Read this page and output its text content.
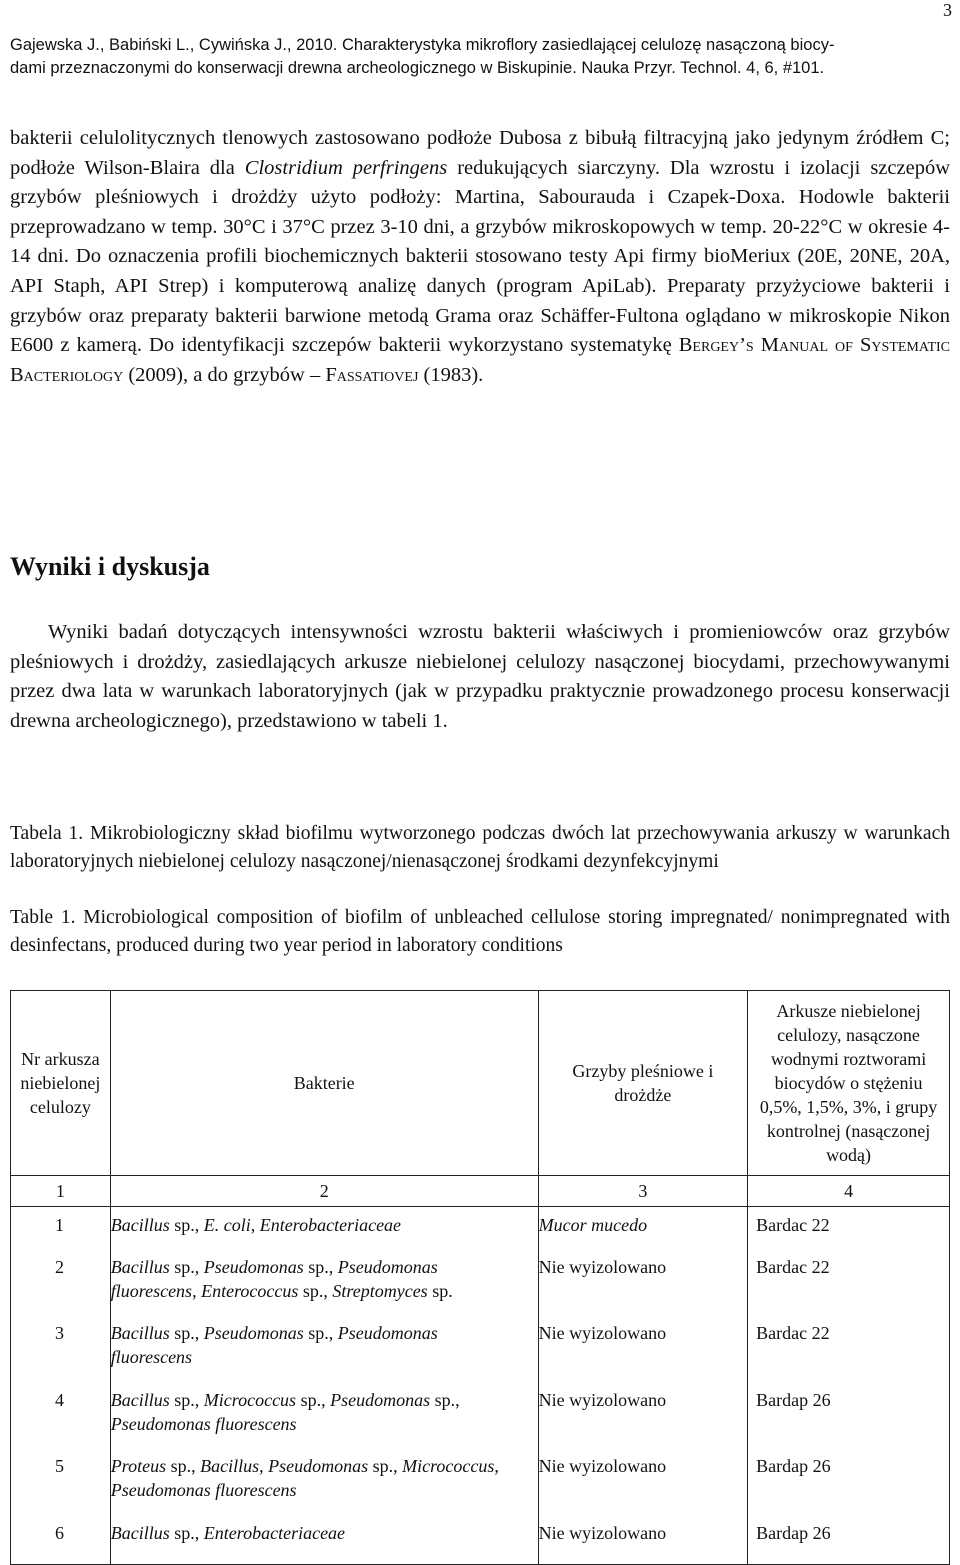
Gajewska J., Babiński L., Cywińska J., 2010. Charakterystyka mikroflory zasiedlającej celulozę nasączoną biocy-
dami przeznaczonymi do konserwacji drewna archeologicznego w Biskupinie. Nauka Przyr. Technol. 4, 6, #101.
3

bakterii celulolitycznych tlenowych zastosowano podłoże Dubosa z bibułą filtracyjną jako jedynym źródłem C; podłoże Wilson-Blaira dla Clostridium perfringens redukujących siarczyny. Dla wzrostu i izolacji szczepów grzybów pleśniowych i drożdży użyto podłoży: Martina, Sabourauda i Czapek-Doxa. Hodowle bakterii przeprowadzano w temp. 30°C i 37°C przez 3-10 dni, a grzybów mikroskopowych w temp. 20-22°C w okresie 4-14 dni. Do oznaczenia profili biochemicznych bakterii stosowano testy Api firmy bioMeriux (20E, 20NE, 20A, API Staph, API Strep) i komputerową analizę danych (program ApiLab). Preparaty przyżyciowe bakterii i grzybów oraz preparaty bakterii barwione metodą Grama oraz Schäffer-Fultona oglądano w mikroskopie Nikon E600 z kamerą. Do identyfikacji szczepów bakterii wykorzystano systematykę Bergey’s Manual of Systematic Bacteriology (2009), a do grzybów – Fassatiovej (1983).

Wyniki i dyskusja

Wyniki badań dotyczących intensywności wzrostu bakterii właściwych i promieniowców oraz grzybów pleśniowych i drożdży, zasiedlających arkusze niebielonej celulozy nasączonej biocydami, przechowywanymi przez dwa lata w warunkach laboratoryjnych (jak w przypadku praktycznie prowadzonego procesu konserwacji drewna archeologicznego), przedstawiono w tabeli 1.

Tabela 1. Mikrobiologiczny skład biofilmu wytworzonego podczas dwóch lat przechowywania arkuszy w warunkach laboratoryjnych niebielonej celulozy nasączonej/nienasączonej środkami dezynfekcyjnymi

Table 1. Microbiological composition of biofilm of unbleached cellulose storing impregnated/ nonimpregnated with desinfectans, produced during two year period in laboratory conditions

Nr arkusza niebielonej celulozy	Bakterie	Grzyby pleśniowe i drożdże	Arkusze niebielonej celulozy, nasączone wodnymi roztworami biocydów o stężeniu 0,5%, 1,5%, 3%, i grupy kontrolnej (nasączonej wodą)

1	2	3	4
1	Bacillus sp., E. coli, Enterobacteriaceae	Mucor mucedo	Bardac 22
2	Bacillus sp., Pseudomonas sp., Pseudomonas fluorescens, Enterococcus sp., Streptomyces sp.	Nie wyizolowano	Bardac 22
3	Bacillus sp., Pseudomonas sp., Pseudomonas fluorescens	Nie wyizolowano	Bardac 22
4	Bacillus sp., Micrococcus sp., Pseudomonas sp., Pseudomonas fluorescens	Nie wyizolowano	Bardap 26
5	Proteus sp., Bacillus, Pseudomonas sp., Micrococcus, Pseudomonas fluorescens	Nie wyizolowano	Bardap 26
6	Bacillus sp., Enterobacteriaceae	Nie wyizolowano	Bardap 26
